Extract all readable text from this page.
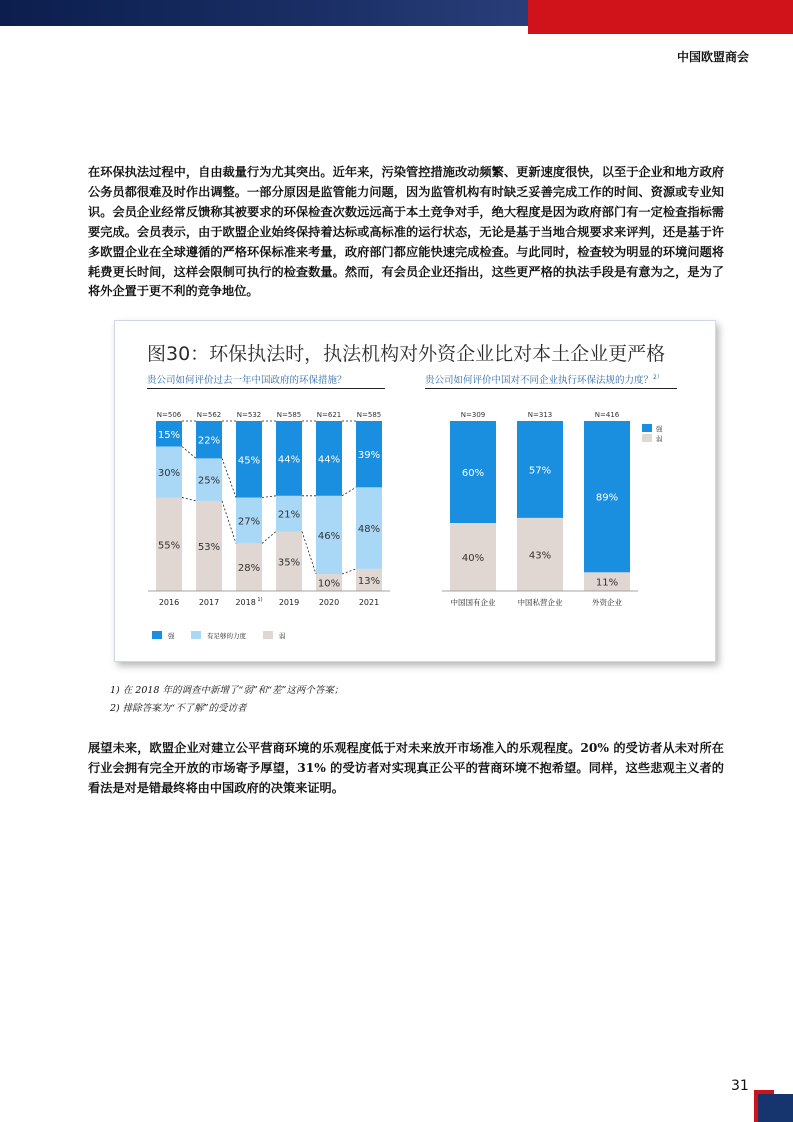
中国欧盟商会
在环保执法过程中，自由裁量行为尤其突出。近年来，污染管控措施改动频繁、更新速度很快，以至于企业和地方政府公务员都很难及时作出调整。一部分原因是监管能力问题，因为监管机构有时缺乏妥善完成工作的时间、资源或专业知识。会员企业经常反馈称其被要求的环保检查次数远远高于本土竞争对手，绝大程度是因为政府部门有一定检查指标需要完成。会员表示，由于欧盟企业始终保持着达标或高标准的运行状态，无论是基于当地合规要求来评判，还是基于许多欧盟企业在全球遵循的严格环保标准来考量，政府部门都应能快速完成检查。与此同时，检查较为明显的环境问题将耗费更长时间，这样会限制可执行的检查数量。然而，有会员企业还指出，这些更严格的执法手段是有意为之，是为了将外企置于更不利的竞争地位。
图30：环保执法时，执法机构对外资企业比对本土企业更严格
贵公司如何评价过去一年中国政府的环保措施？	贵公司如何评价中国对不同企业执行环保法规的力度？$^{2)}$
55%
30%
15%
N=506
2016
53%
25%
22%
N=562
2017
28%
27%
45%
N=532
2018 $^{1)}$
35%
21%
44%
N=585
2019
10%
46%
44%
N=621
2020
13%
48%
39%
N=585
2021
40%
60%
N=309
中国国有企业
43%
57%
N=313
中国私营企业
11%
89%
N=416
外资企业
强	有足够的力度	弱
强
弱
1) 在 2018 年的调查中新增了“弱”和“差”这两个答案；
2) 排除答案为“不了解”的受访者
展望未来，欧盟企业对建立公平营商环境的乐观程度低于对未来放开市场准入的乐观程度。20% 的受访者从未对所在行业会拥有完全开放的市场寄予厚望，31% 的受访者对实现真正公平的营商环境不抱希望。同样，这些悲观主义者的看法是对是错最终将由中国政府的决策来证明。
31
